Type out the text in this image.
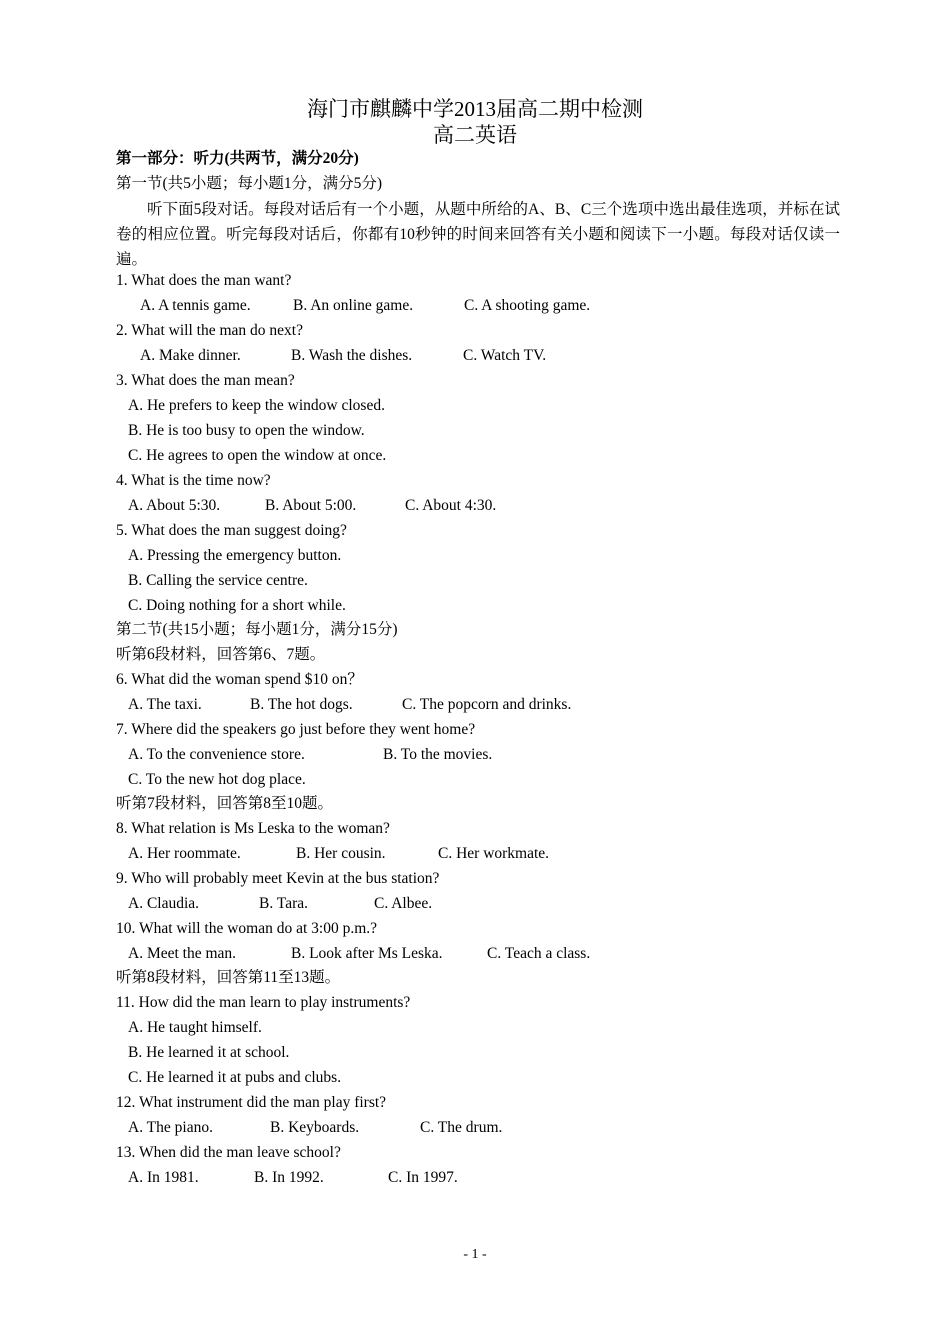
海门市麒麟中学2013届高二期中检测
高二英语
第一部分：听力(共两节，满分20分)
第一节(共5小题；每小题1分，满分5分)
听下面5段对话。每段对话后有一个小题，从题中所给的A、B、C三个选项中选出最佳选项，并标在试卷的相应位置。听完每段对话后，你都有10秒钟的时间来回答有关小题和阅读下一小题。每段对话仅读一遍。
1. What does the man want?
A. A tennis game.	B. An online game.	C. A shooting game.
2. What will the man do next?
A. Make dinner.	B. Wash the dishes.	C. Watch TV.
3. What does the man mean?
A. He prefers to keep the window closed.
B. He is too busy to open the window.
C. He agrees to open the window at once.
4. What is the time now?
A. About 5:30.	B. About 5:00.	C. About 4:30.
5. What does the man suggest doing?
A. Pressing the emergency button.
B. Calling the service centre.
C. Doing nothing for a short while.
第二节(共15小题；每小题1分，满分15分)
听第6段材料，回答第6、7题。
6. What did the woman spend $10 on？
A. The taxi.	B. The hot dogs.	C. The popcorn and drinks.
7. Where did the speakers go just before they went home?
A. To the convenience store.	B. To the movies.
C. To the new hot dog place.
听第7段材料，回答第8至10题。
8. What relation is Ms Leska to the woman?
A. Her roommate.	B. Her cousin.	C. Her workmate.
9. Who will probably meet Kevin at the bus station?
A. Claudia.	B. Tara.	C. Albee.
10. What will the woman do at 3:00 p.m.?
A. Meet the man.	B. Look after Ms Leska.	C. Teach a class.
听第8段材料，回答第11至13题。
11. How did the man learn to play instruments?
A. He taught himself.
B. He learned it at school.
C. He learned it at pubs and clubs.
12. What instrument did the man play first?
A. The piano.	B. Keyboards.	C. The drum.
13. When did the man leave school?
A. In 1981.	B. In 1992.	C. In 1997.
- 1 -
